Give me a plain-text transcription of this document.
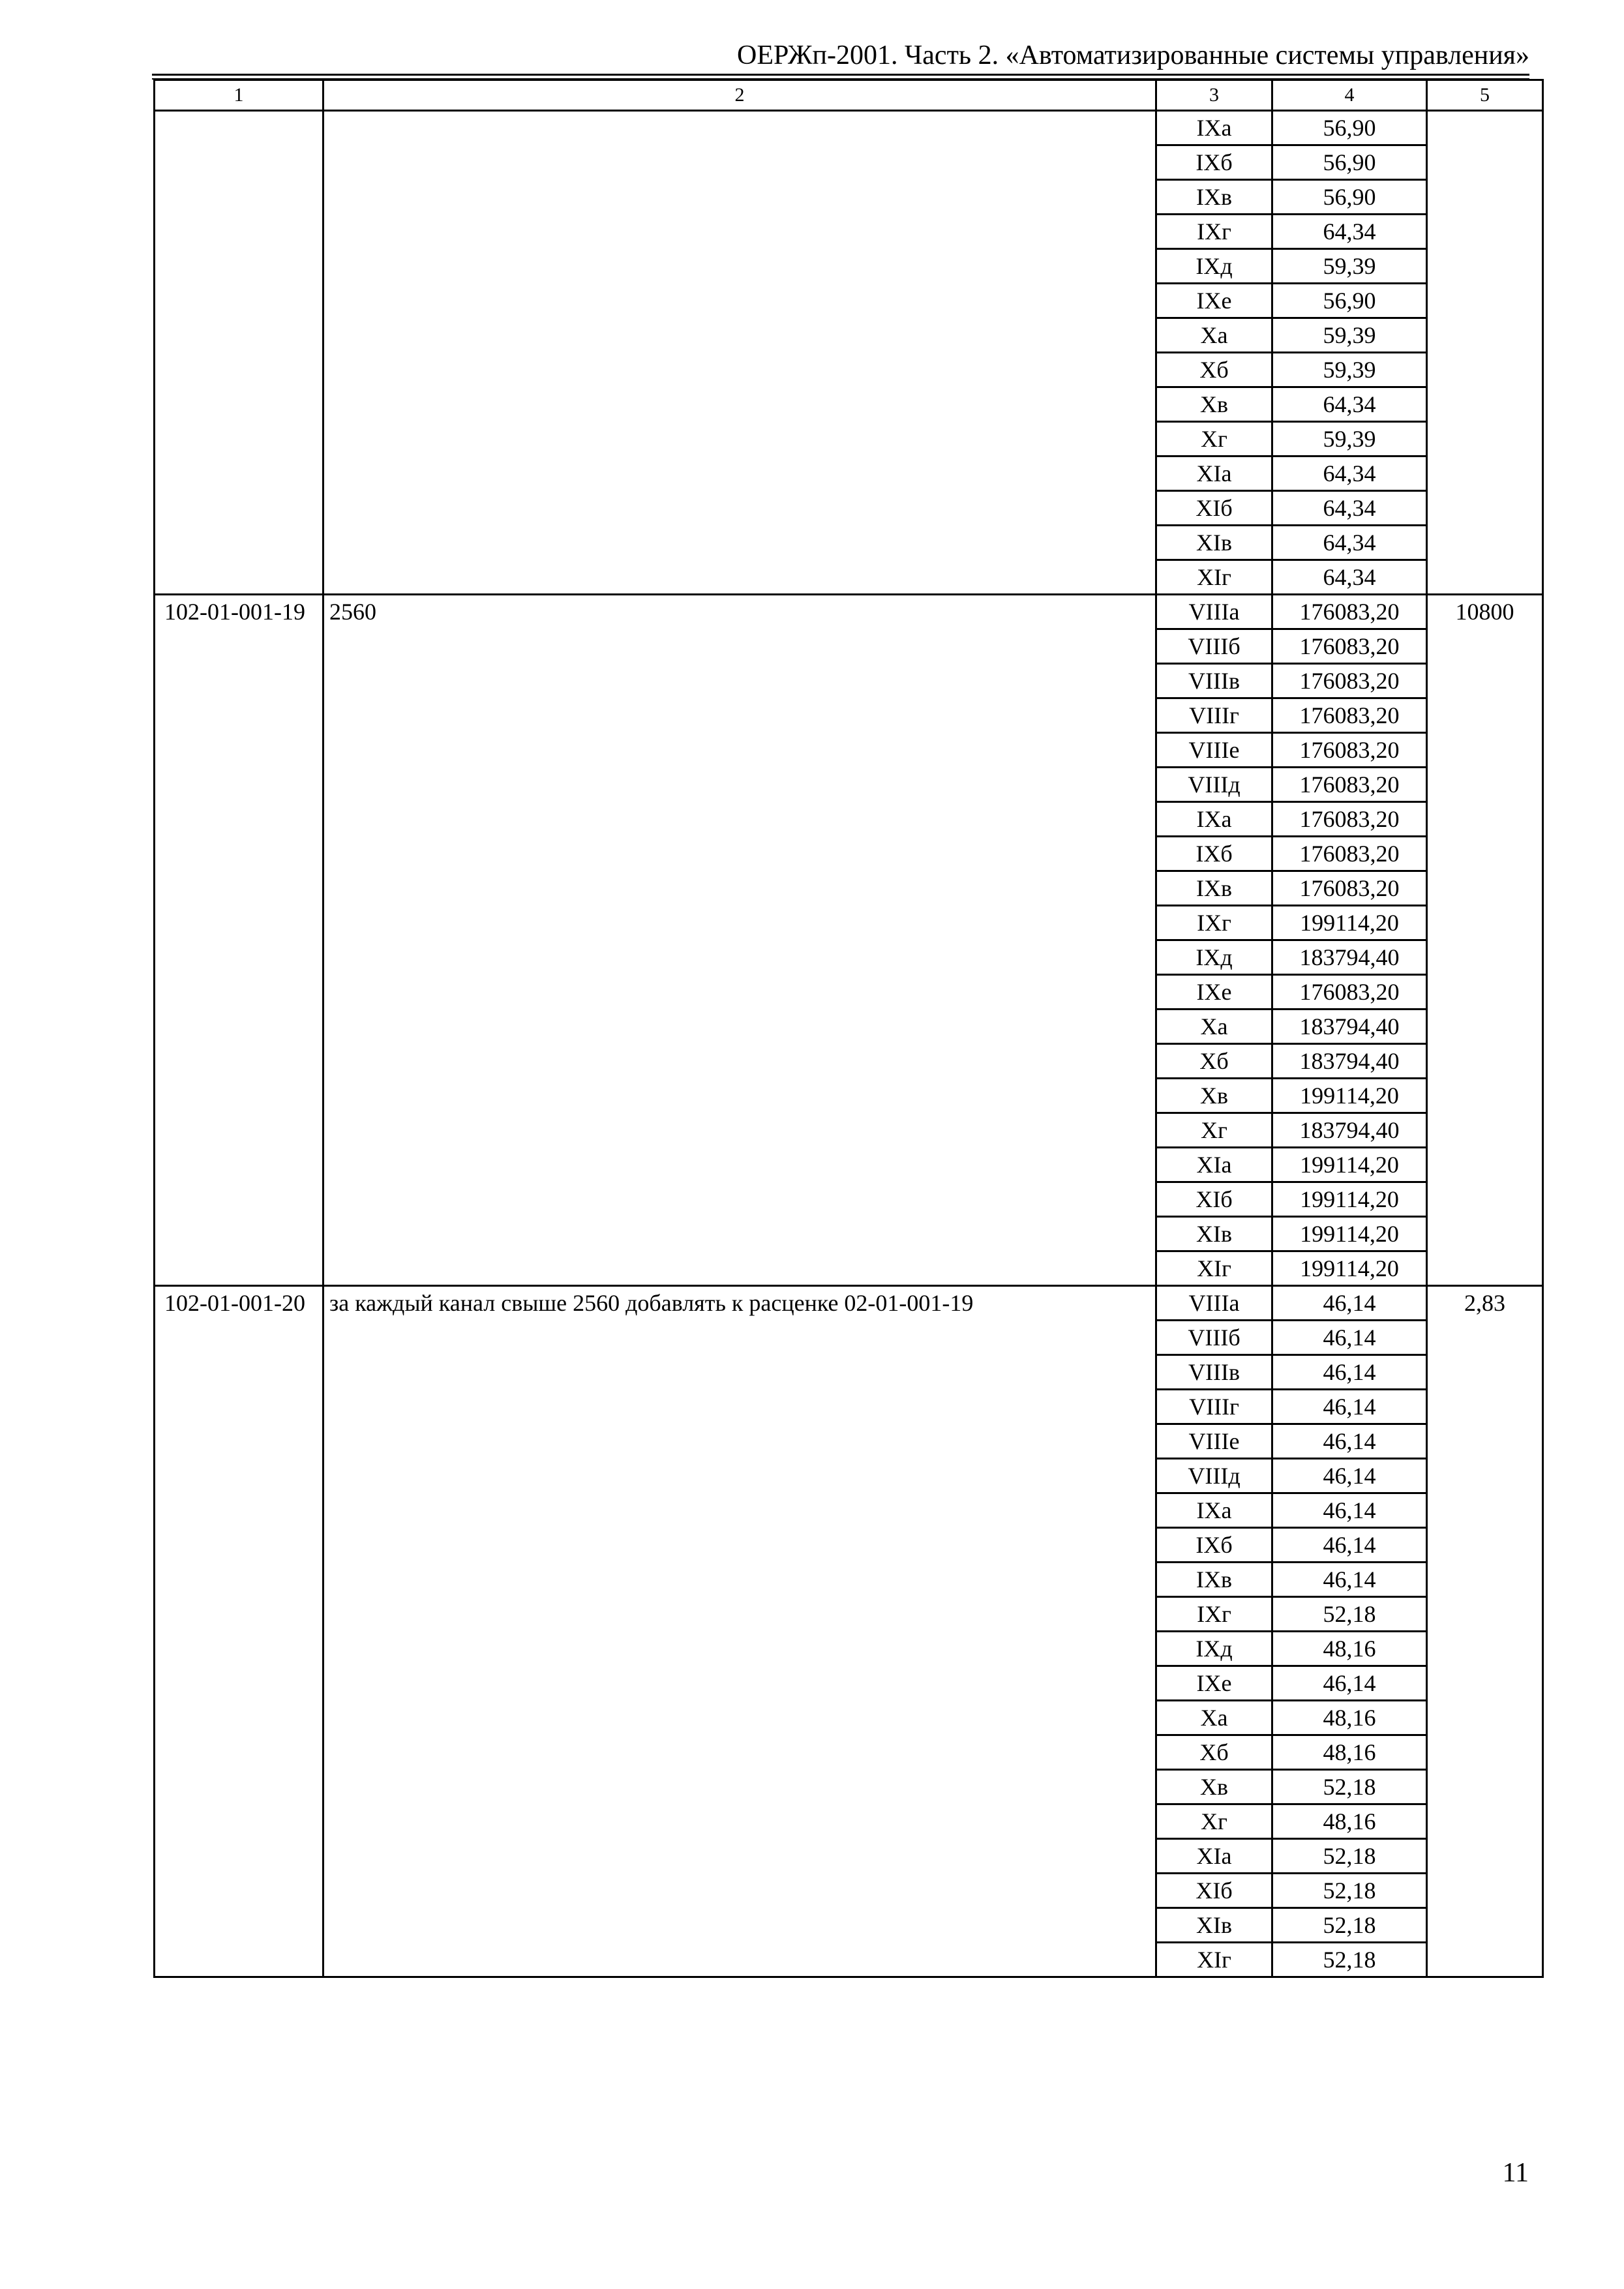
ОЕРЖп-2001. Часть 2. «Автоматизированные системы управления»
1	2	3	4	5
		IXа	56,90	
		IXб	56,90	
		IXв	56,90	
		IXг	64,34	
		IXд	59,39	
		IXе	56,90	
		Xа	59,39	
		Xб	59,39	
		Xв	64,34	
		Xг	59,39	
		XIа	64,34	
		XIб	64,34	
		XIв	64,34	
		XIг	64,34	
102-01-001-19	2560	VIIIа	176083,20	10800
		VIIIб	176083,20	
		VIIIв	176083,20	
		VIIIг	176083,20	
		VIIIе	176083,20	
		VIIIд	176083,20	
		IXа	176083,20	
		IXб	176083,20	
		IXв	176083,20	
		IXг	199114,20	
		IXд	183794,40	
		IXе	176083,20	
		Xа	183794,40	
		Xб	183794,40	
		Xв	199114,20	
		Xг	183794,40	
		XIа	199114,20	
		XIб	199114,20	
		XIв	199114,20	
		XIг	199114,20	
102-01-001-20	за каждый канал свыше 2560 добавлять к расценке 02-01-001-19	VIIIа	46,14	2,83
		VIIIб	46,14	
		VIIIв	46,14	
		VIIIг	46,14	
		VIIIе	46,14	
		VIIIд	46,14	
		IXа	46,14	
		IXб	46,14	
		IXв	46,14	
		IXг	52,18	
		IXд	48,16	
		IXе	46,14	
		Xа	48,16	
		Xб	48,16	
		Xв	52,18	
		Xг	48,16	
		XIа	52,18	
		XIб	52,18	
		XIв	52,18	
		XIг	52,18	
11
